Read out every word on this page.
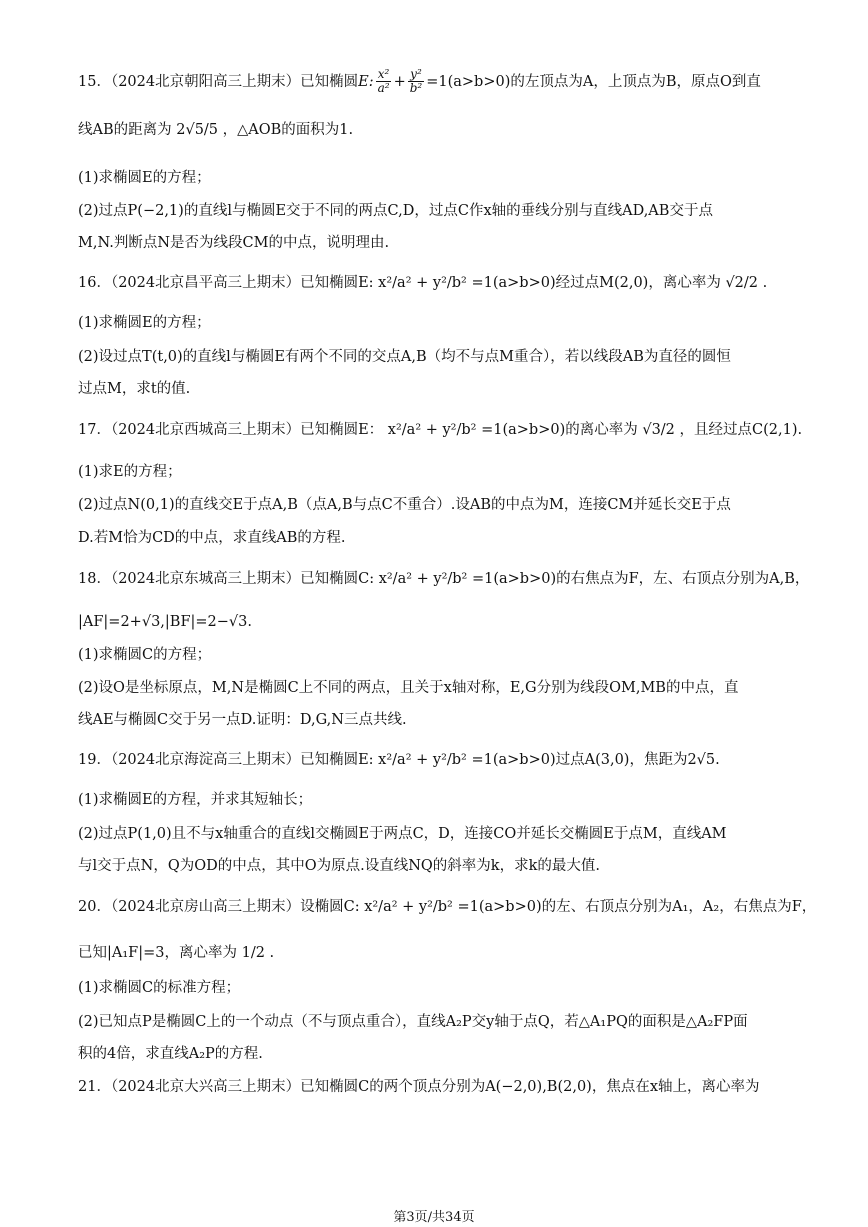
15．（2024北京朝阳高三上期末）已知椭圆 E: $\frac{\text{x²}}{\text{a²}} + \frac{\text{y²}}{\text{b²}} =1(a>b>0)$的左顶点为A，上顶点为B，原点O到直
线AB的距离为 2√5/5 ，△AOB的面积为1.
(1)求椭圆E的方程；
(2)过点P(−2,1)的直线l与椭圆E交于不同的两点C,D，过点C作x轴的垂线分别与直线AD,AB交于点
M,N.判断点N是否为线段CM的中点，说明理由.
16．（2024北京昌平高三上期末）已知椭圆E: x²/a² + y²/b² =1(a>b>0)经过点M(2,0)，离心率为 √2/2 .
(1)求椭圆E的方程；
(2)设过点T(t,0)的直线l与椭圆E有两个不同的交点A,B（均不与点M重合），若以线段AB为直径的圆恒
过点M，求t的值.
17．（2024北京西城高三上期末）已知椭圆E： x²/a² + y²/b² =1(a>b>0)的离心率为 √3/2 ，且经过点C(2,1).
(1)求E的方程；
(2)过点N(0,1)的直线交E于点A,B（点A,B与点C不重合）.设AB的中点为M，连接CM并延长交E于点
D.若M恰为CD的中点，求直线AB的方程.
18．（2024北京东城高三上期末）已知椭圆C: x²/a² + y²/b² =1(a>b>0)的右焦点为F，左、右顶点分别为A,B，
|AF|=2+√3,|BF|=2−√3.
(1)求椭圆C的方程；
(2)设O是坐标原点，M,N是椭圆C上不同的两点，且关于x轴对称，E,G分别为线段OM,MB的中点，直
线AE与椭圆C交于另一点D.证明：D,G,N三点共线.
19．（2024北京海淀高三上期末）已知椭圆E: x²/a² + y²/b² =1(a>b>0)过点A(3,0)，焦距为2√5.
(1)求椭圆E的方程，并求其短轴长；
(2)过点P(1,0)且不与x轴重合的直线l交椭圆E于两点C，D，连接CO并延长交椭圆E于点M，直线AM
与l交于点N，Q为OD的中点，其中O为原点.设直线NQ的斜率为k，求k的最大值.
20．（2024北京房山高三上期末）设椭圆C: x²/a² + y²/b² =1(a>b>0)的左、右顶点分别为A₁，A₂，右焦点为F，
已知|A₁F|=3，离心率为 1/2 .
(1)求椭圆C的标准方程；
(2)已知点P是椭圆C上的一个动点（不与顶点重合），直线A₂P交y轴于点Q，若△A₁PQ的面积是△A₂FP面
积的4倍，求直线A₂P的方程.
21．（2024北京大兴高三上期末）已知椭圆C的两个顶点分别为A(−2,0),B(2,0)，焦点在x轴上，离心率为
第3页/共34页
